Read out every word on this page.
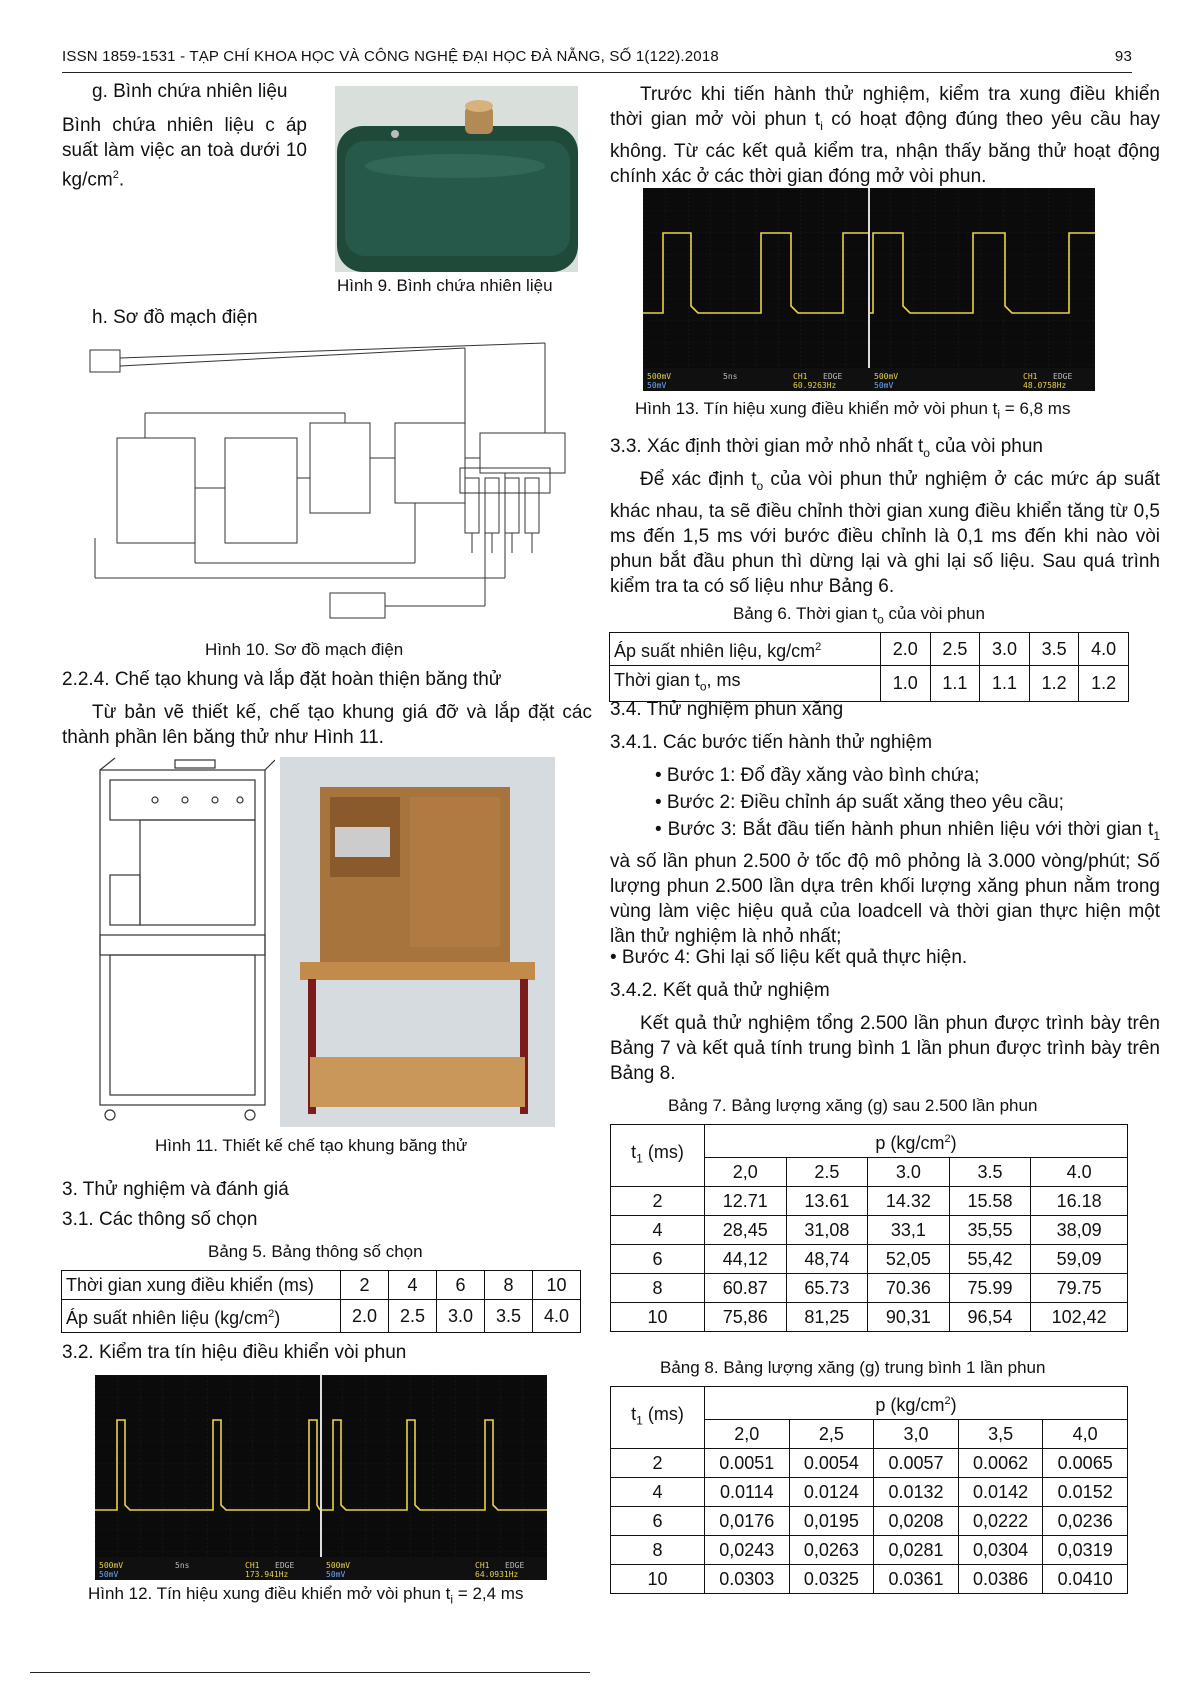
ISSN 1859-1531 - TẠP CHÍ KHOA HỌC VÀ CÔNG NGHỆ ĐẠI HỌC ĐÀ NẴNG, SỐ 1(122).2018	93
g. Bình chứa nhiên liệu
Bình chứa nhiên liệu c áp suất làm việc an toà dưới 10 $kg/cm^2$.
Hình 9. Bình chứa nhiên liệu
h. Sơ đồ mạch điện
Hình 10. Sơ đồ mạch điện
2.2.4. Chế tạo khung và lắp đặt hoàn thiện băng thử
Từ bản vẽ thiết kế, chế tạo khung giá đỡ và lắp đặt các thành phần lên băng thử như Hình 11.
Hình 11. Thiết kế chế tạo khung băng thử
3. Thử nghiệm và đánh giá
3.1. Các thông số chọn
Bảng 5. Bảng thông số chọn
Thời gian xung điều khiển (ms)	2	4	6	8	10
Áp suất nhiên liệu $(kg/cm^2)$	2.0	2.5	3.0	3.5	4.0
3.2. Kiểm tra tín hiệu điều khiển vòi phun
500mV	5ns	CH1 EDGE
173.941Hz
50mV
500mV
50mV
CH1 EDGE
64.0931Hz
Hình 12. Tín hiệu xung điều khiển mở vòi phun $t_i = 2,4$ ms
Trước khi tiến hành thử nghiệm, kiểm tra xung điều khiển thời gian mở vòi phun $t_i$ có hoạt động đúng theo yêu cầu hay không. Từ các kết quả kiểm tra, nhận thấy băng thử hoạt động chính xác ở các thời gian đóng mở vòi phun.
500mV	5ns	CH1 EDGE
60.9263Hz
50mV
500mV
50mV
CH1 EDGE
48.0758Hz
Hình 13. Tín hiệu xung điều khiển mở vòi phun $t_i = 6,8$ ms
3.3. Xác định thời gian mở nhỏ nhất $t_o$ của vòi phun
Để xác định $t_o$ của vòi phun thử nghiệm ở các mức áp suất khác nhau, ta sẽ điều chỉnh thời gian xung điều khiển tăng từ 0,5 ms đến 1,5 ms với bước điều chỉnh là 0,1 ms đến khi nào vòi phun bắt đầu phun thì dừng lại và ghi lại số liệu. Sau quá trình kiểm tra ta có số liệu như Bảng 6.
Bảng 6. Thời gian $t_o$ của vòi phun
Áp suất nhiên liệu, $kg/cm^2$	2.0	2.5	3.0	3.5	4.0
Thời gian $t_o$, ms	1.0	1.1	1.1	1.2	1.2
3.4. Thử nghiệm phun xăng
3.4.1. Các bước tiến hành thử nghiệm
• Bước 1: Đổ đầy xăng vào bình chứa;
• Bước 2: Điều chỉnh áp suất xăng theo yêu cầu;
• Bước 3: Bắt đầu tiến hành phun nhiên liệu với thời gian $t_1$ và số lần phun 2.500 ở tốc độ mô phỏng là 3.000 vòng/phút; Số lượng phun 2.500 lần dựa trên khối lượng xăng phun nằm trong vùng làm việc hiệu quả của loadcell và thời gian thực hiện một lần thử nghiệm là nhỏ nhất;
• Bước 4: Ghi lại số liệu kết quả thực hiện.
3.4.2. Kết quả thử nghiệm
Kết quả thử nghiệm tổng 2.500 lần phun được trình bày trên Bảng 7 và kết quả tính trung bình 1 lần phun được trình bày trên Bảng 8.
Bảng 7. Bảng lượng xăng (g) sau 2.500 lần phun
$t_1$ (ms)	p $(kg/cm^2)$				
	2,0	2.5	3.0	3.5	4.0
2	12.71	13.61	14.32	15.58	16.18
4	28,45	31,08	33,1	35,55	38,09
6	44,12	48,74	52,05	55,42	59,09
8	60.87	65.73	70.36	75.99	79.75
10	75,86	81,25	90,31	96,54	102,42
Bảng 8. Bảng lượng xăng (g) trung bình 1 lần phun
$t_1$ (ms)	p $(kg/cm^2)$				
	2,0	2,5	3,0	3,5	4,0
2	0.0051	0.0054	0.0057	0.0062	0.0065
4	0.0114	0.0124	0.0132	0.0142	0.0152
6	0,0176	0,0195	0,0208	0,0222	0,0236
8	0,0243	0,0263	0,0281	0,0304	0,0319
10	0.0303	0.0325	0.0361	0.0386	0.0410
